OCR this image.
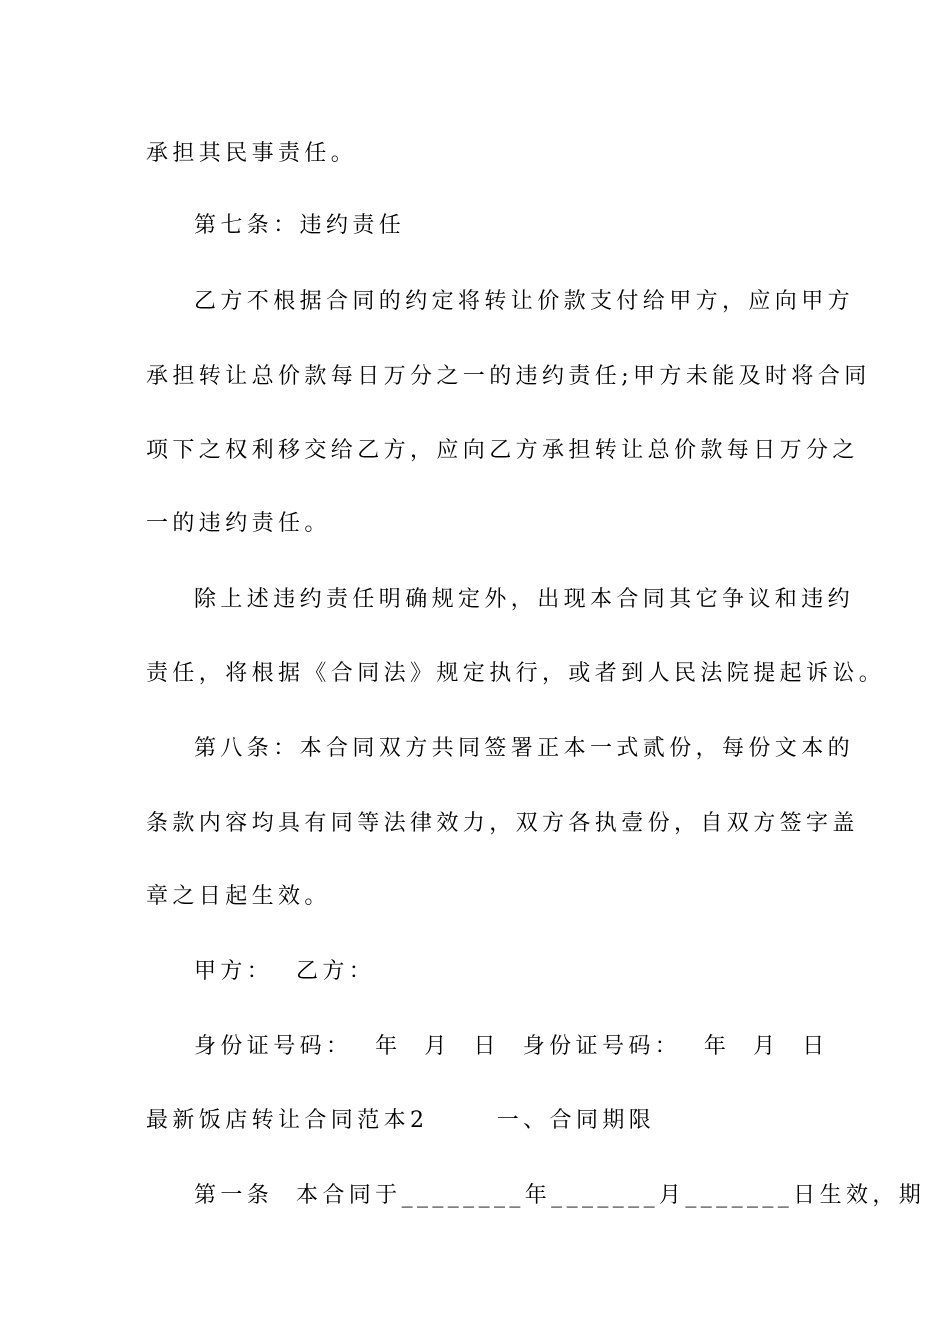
承担其民事责任。
第七条：违约责任
乙方不根据合同的约定将转让价款支付给甲方，应向甲方
承担转让总价款每日万分之一的违约责任;甲方未能及时将合同
项下之权利移交给乙方，应向乙方承担转让总价款每日万分之
一的违约责任。
除上述违约责任明确规定外，出现本合同其它争议和违约
责任，将根据《合同法》规定执行，或者到人民法院提起诉讼。
第八条：本合同双方共同签署正本一式贰份，每份文本的
条款内容均具有同等法律效力，双方各执壹份，自双方签字盖
章之日起生效。
甲方：  乙方：
身份证号码：  年  月  日  身份证号码：  年  月  日
最新饭店转让合同范本2      一、合同期限
第一条  本合同于________年_______月_______日生效，期
